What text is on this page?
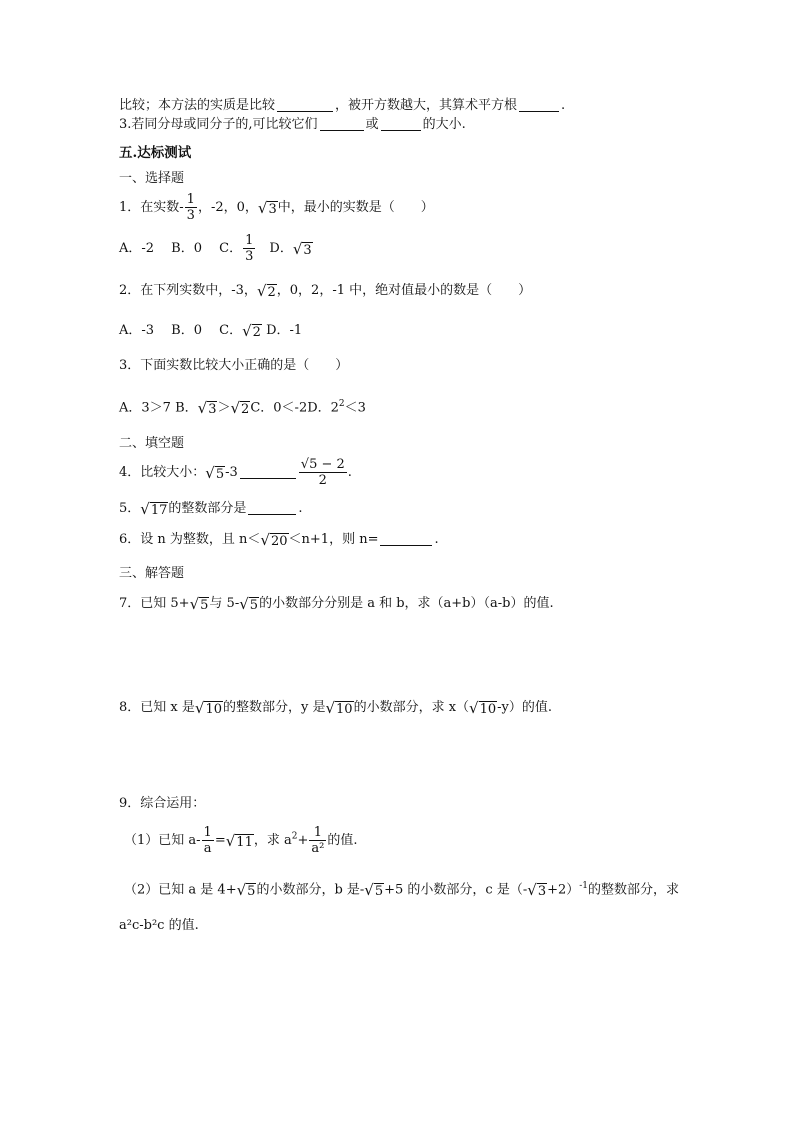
比较；本方法的实质是比较	，被开方数越大，其算术平方根	.
3.若同分母或同分子的,可比较它们	或	的大小.
五.达标测试
一、选择题
1．在实数- $\frac{1}{3}$ ，-2，0，√3中，最小的实数是（　　）
A．-2　 B．0　 C． $\frac{1}{3}$
　 D．√3
2．在下列实数中，-3，√2，0，2，-1 中，绝对值最小的数是（　　）
A．-3　 B．0　 C．√2 D．-1
3．下面实数比较大小正确的是（　　）
A．3＞7 B．√3＞√2C．0＜-2D．$2^2<3$
二、填空题
4．比较大小：√5-3	$\frac{√5 - 2}{2}$ .
5．√17的整数部分是	.
6．设 n 为整数，且 n＜√20＜n+1，则 n=	.
三、解答题
7．已知 5+√5与 5-√5的小数部分分别是 a 和 b，求（a+b）（a-b）的值.
8．已知 x 是√10的整数部分，y 是√10的小数部分，求 x（√10-y）的值.
9．综合运用：
（1）已知 $a- \frac{1}{a} =√11$，求 $a^2+ \frac{1}{\text{a²}}$ 的值.
（2）已知 a 是 4+√5的小数部分，b 是-√5+5 的小数部分，c 是$(-√3+2)^{-1}$的整数部分，求
a²c-b²c 的值.
